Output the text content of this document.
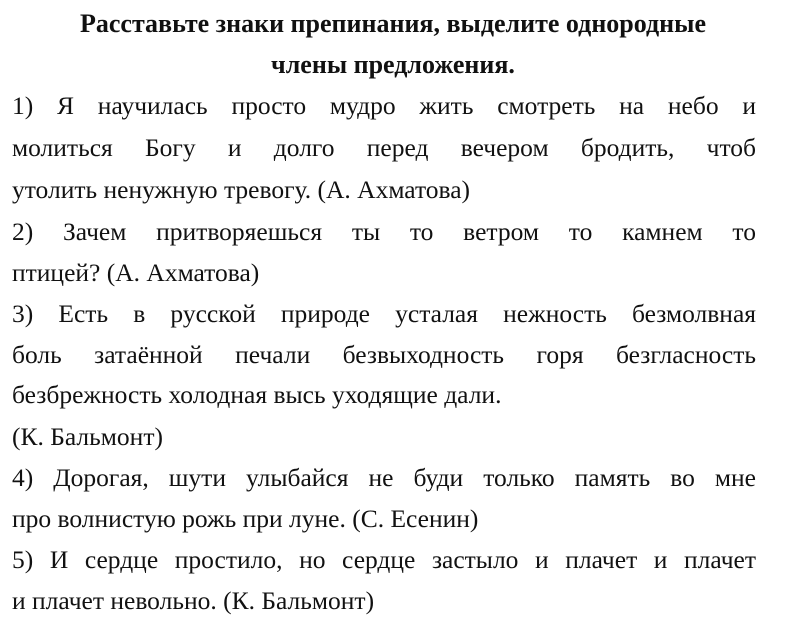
Расставьте знаки препинания, выделите однородные
члены предложения.
1) Я научилась просто мудро жить смотреть на небо и
молиться Богу и долго перед вечером бродить, чтоб
утолить ненужную тревогу. (А. Ахматова)
2) Зачем притворяешься ты то ветром то камнем то
птицей? (А. Ахматова)
3) Есть в русской природе усталая нежность безмолвная
боль затаённой печали безвыходность горя безгласность
безбрежность холодная высь уходящие дали.
(К. Бальмонт)
4) Дорогая, шути улыбайся не буди только память во мне
про волнистую рожь при луне. (С. Есенин)
5) И сердце простило, но сердце застыло и плачет и плачет
и плачет невольно. (К. Бальмонт)
